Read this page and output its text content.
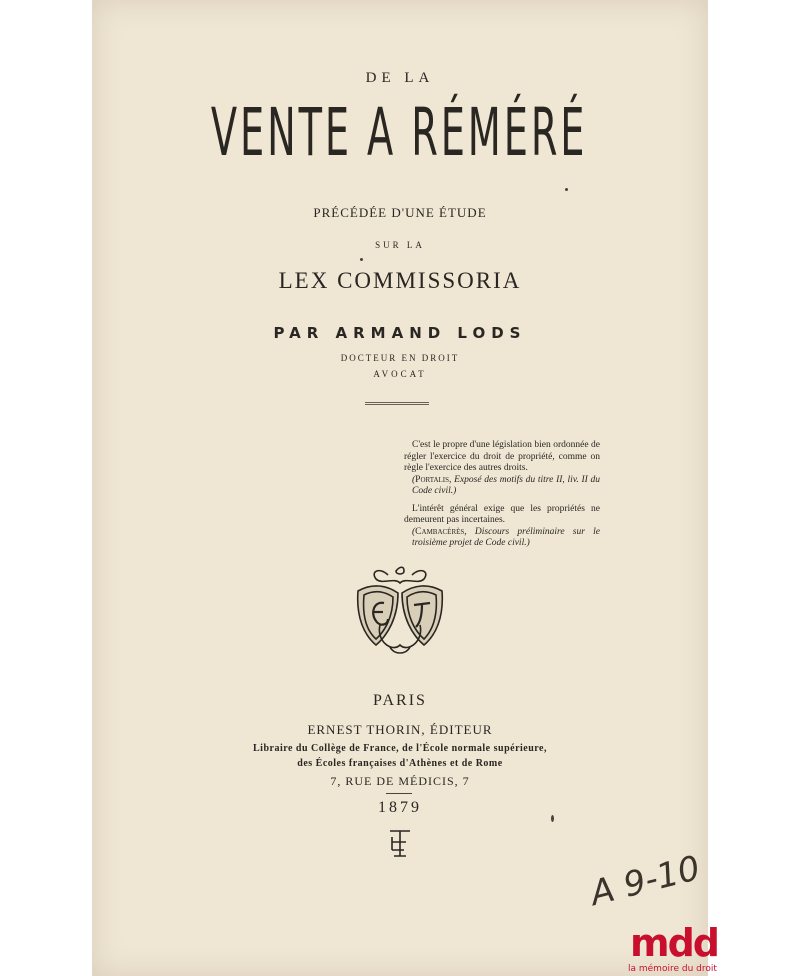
DE LA
VENTE A RÉMÉRÉ
PRÉCÉDÉE D'UNE ÉTUDE
SUR LA
LEX COMMISSORIA
PAR ARMAND LODS
DOCTEUR EN DROIT
AVOCAT

C'est le propre d'une législation bien ordonnée de régler l'exercice du droit de propriété, comme on règle l'exercice des autres droits.

(Portalis, Exposé des motifs du titre II, liv. II du Code civil.)

L'intérêt général exige que les propriétés ne demeurent pas incertaines.

(Cambacérès, Discours préliminaire sur le troisième projet de Code civil.)

PARIS
ERNEST THORIN, ÉDITEUR
Libraire du Collège de France, de l'École normale supérieure,
des Écoles françaises d'Athènes et de Rome
7, RUE DE MÉDICIS, 7
1879
A 9-10
mdd
la mémoire du droit
